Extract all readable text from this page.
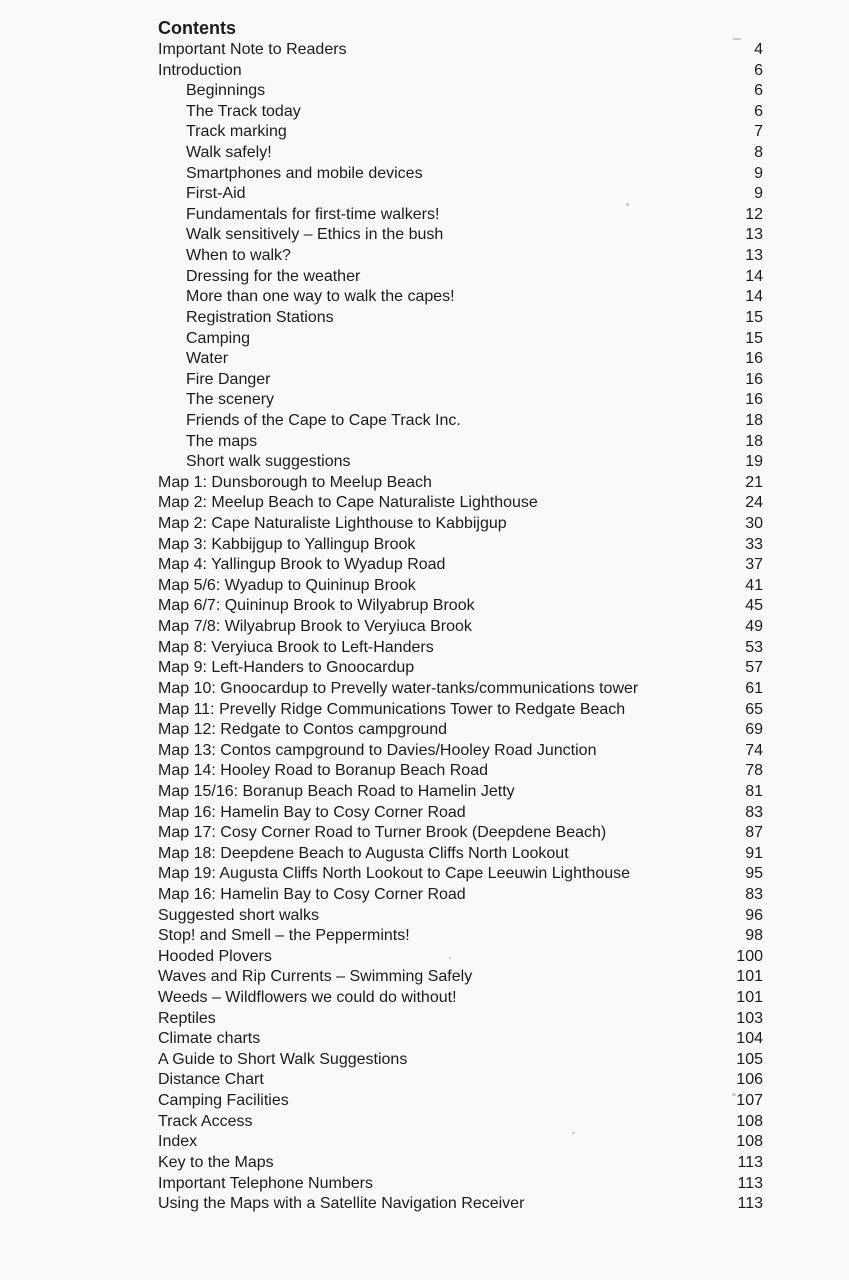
Contents
Important Note to Readers	4
Introduction	6
Beginnings	6
The Track today	6
Track marking	7
Walk safely!	8
Smartphones and mobile devices	9
First-Aid	9
Fundamentals for first-time walkers!	12
Walk sensitively – Ethics in the bush	13
When to walk?	13
Dressing for the weather	14
More than one way to walk the capes!	14
Registration Stations	15
Camping	15
Water	16
Fire Danger	16
The scenery	16
Friends of the Cape to Cape Track Inc.	18
The maps	18
Short walk suggestions	19
Map 1: Dunsborough to Meelup Beach	21
Map 2: Meelup Beach to Cape Naturaliste Lighthouse	24
Map 2: Cape Naturaliste Lighthouse to Kabbijgup	30
Map 3: Kabbijgup to Yallingup Brook	33
Map 4: Yallingup Brook to Wyadup Road	37
Map 5/6: Wyadup to Quininup Brook	41
Map 6/7: Quininup Brook to Wilyabrup Brook	45
Map 7/8: Wilyabrup Brook to Veryiuca Brook	49
Map 8: Veryiuca Brook to Left-Handers	53
Map 9: Left-Handers to Gnoocardup	57
Map 10: Gnoocardup to Prevelly water-tanks/communications tower	61
Map 11: Prevelly Ridge Communications Tower to Redgate Beach	65
Map 12: Redgate to Contos campground	69
Map 13: Contos campground to Davies/Hooley Road Junction	74
Map 14: Hooley Road to Boranup Beach Road	78
Map 15/16: Boranup Beach Road to Hamelin Jetty	81
Map 16: Hamelin Bay to Cosy Corner Road	83
Map 17: Cosy Corner Road to Turner Brook (Deepdene Beach)	87
Map 18: Deepdene Beach to Augusta Cliffs North Lookout	91
Map 19: Augusta Cliffs North Lookout to Cape Leeuwin Lighthouse	95
Map 16: Hamelin Bay to Cosy Corner Road	83
Suggested short walks	96
Stop! and Smell – the Peppermints!	98
Hooded Plovers	100
Waves and Rip Currents – Swimming Safely	101
Weeds – Wildflowers we could do without!	101
Reptiles	103
Climate charts	104
A Guide to Short Walk Suggestions	105
Distance Chart	106
Camping Facilities	107
Track Access	108
Index	108
Key to the Maps	113
Important Telephone Numbers	113
Using the Maps with a Satellite Navigation Receiver	113
